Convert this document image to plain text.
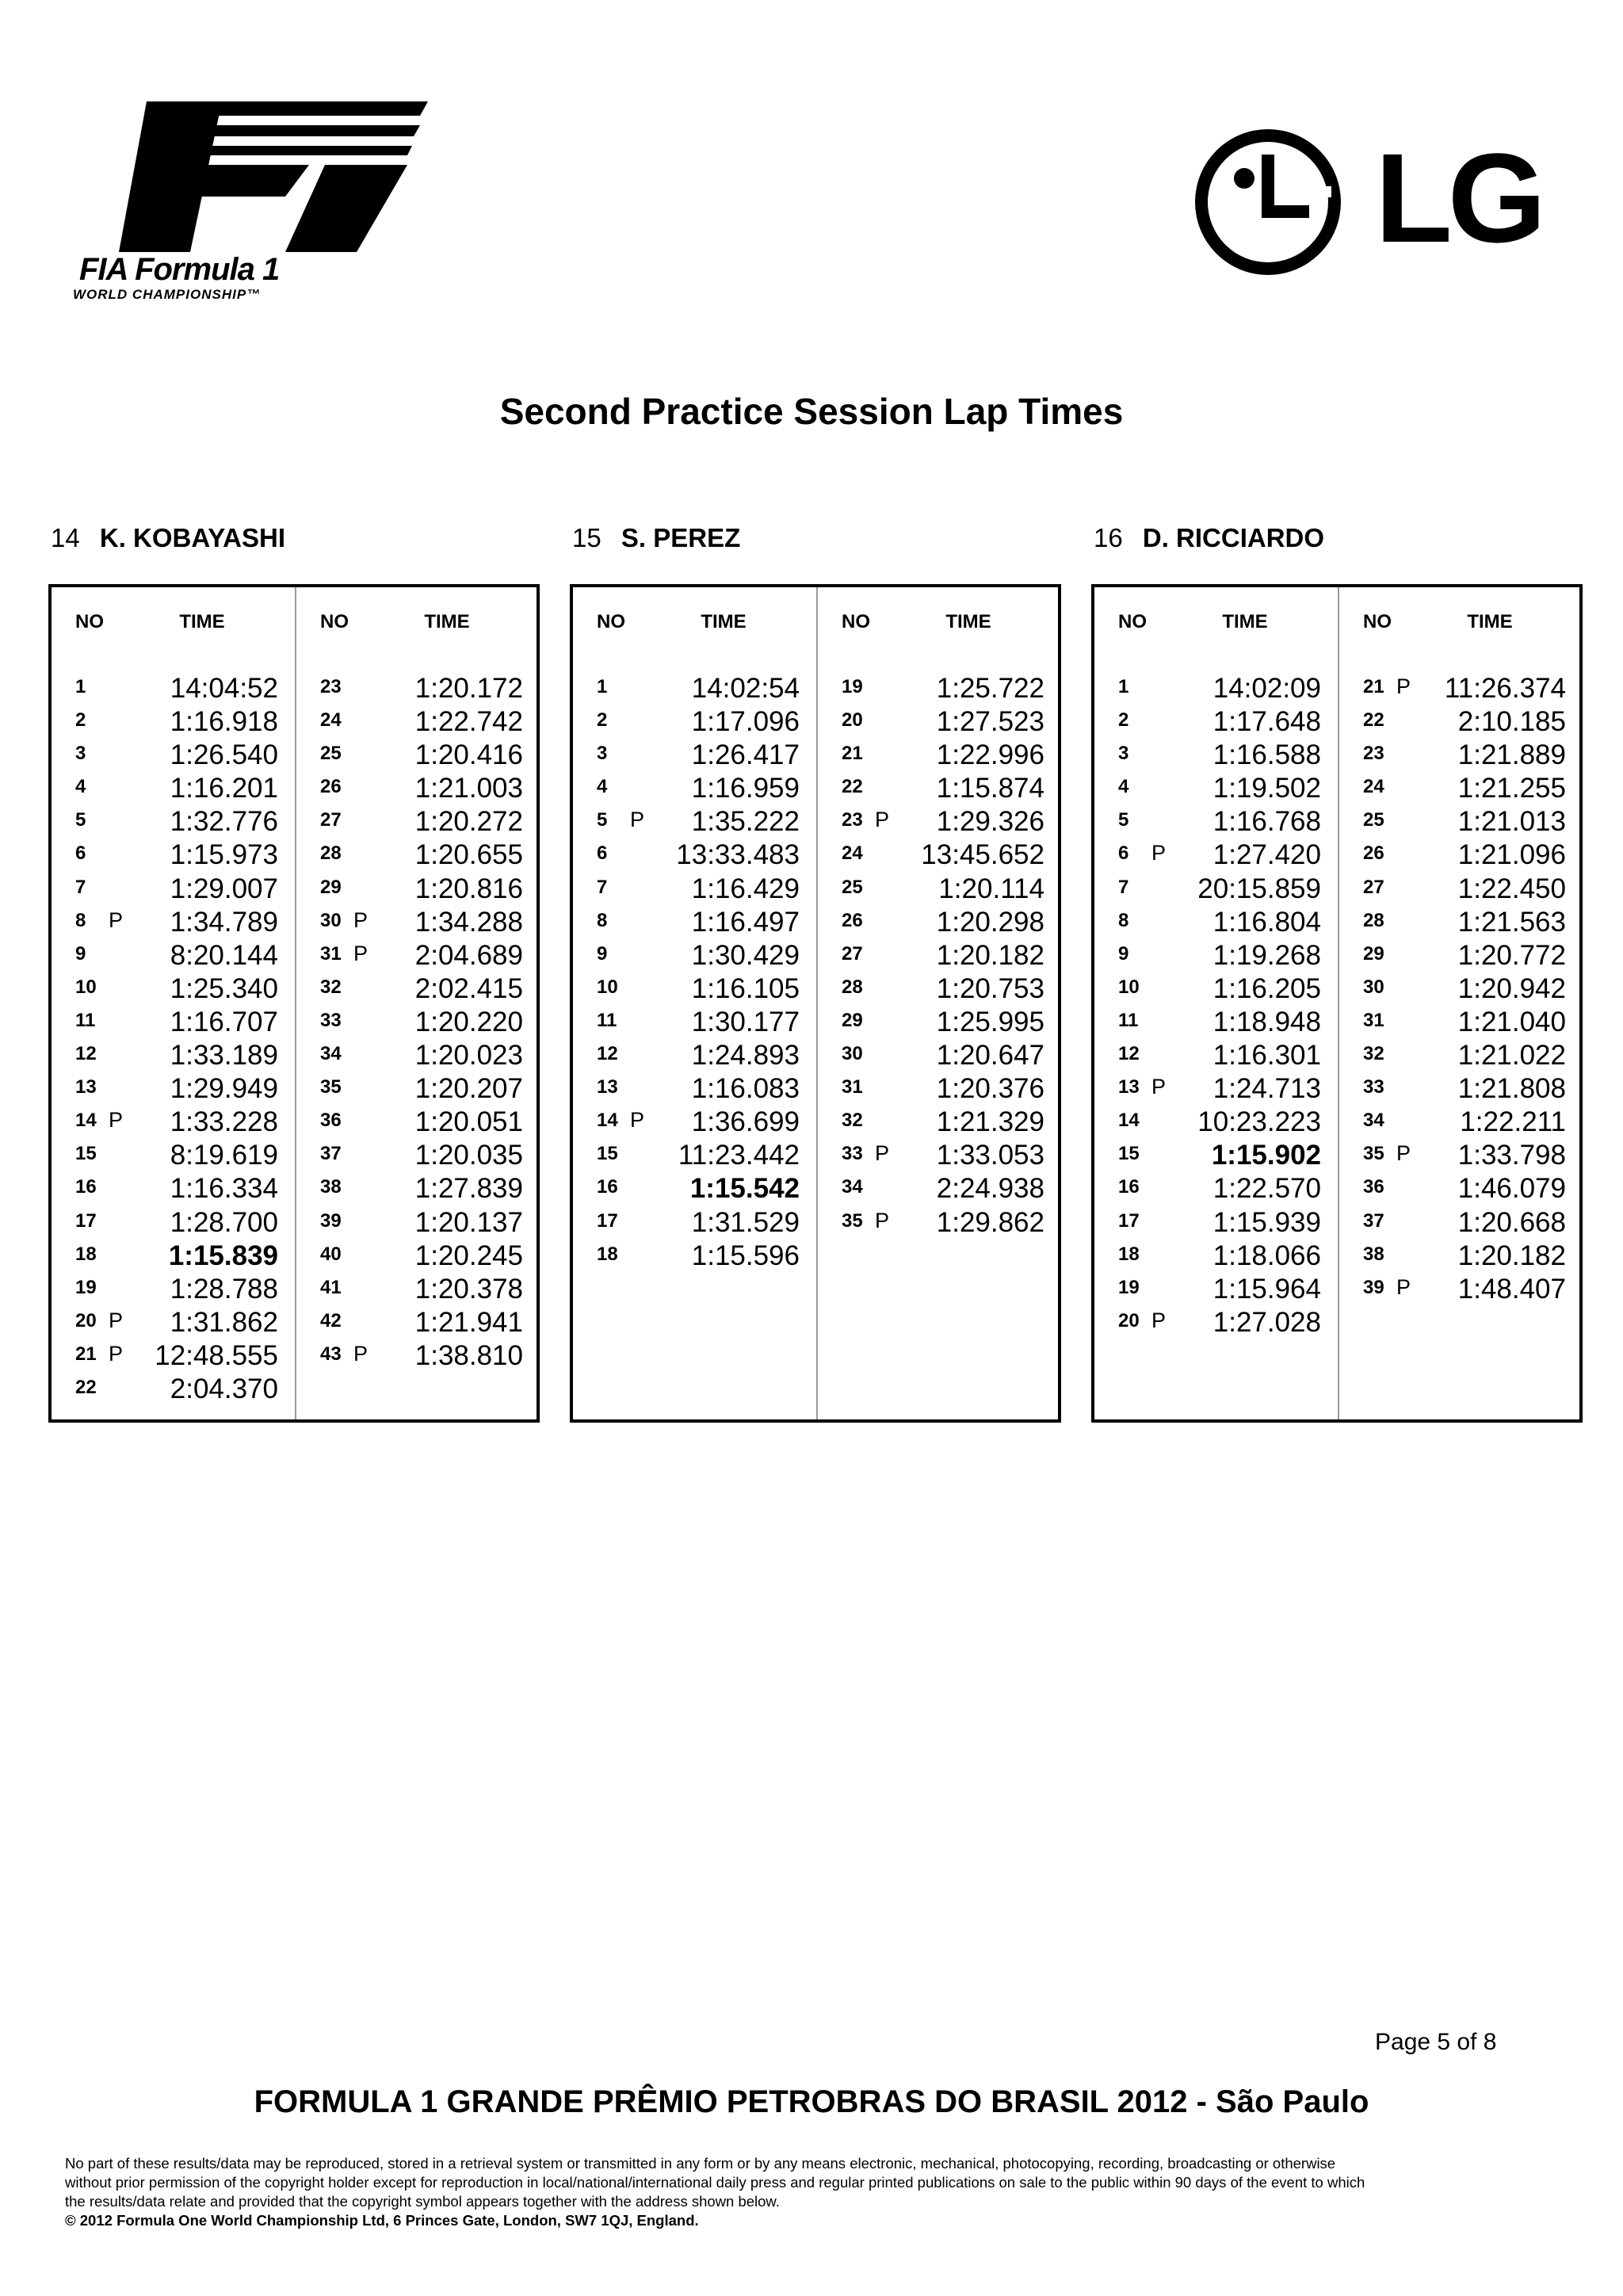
FIA Formula 1
WORLD CHAMPIONSHIP™
LG
Second Practice Session Lap Times
14 K. KOBAYASHI	15 S. PEREZ	16 D. RICCIARDO
NO	TIME
1	14:04:52
2	1:16.918
3	1:26.540
4	1:16.201
5	1:32.776
6	1:15.973
7	1:29.007
8 P 1:34.789
9	8:20.144
10	1:25.340
11	1:16.707
12	1:33.189
13	1:29.949
14 P 1:33.228
15	8:19.619
16	1:16.334
17	1:28.700
18	1:15.839
19	1:28.788
20 P 1:31.862
21 P 12:48.555
22	2:04.370
NO	TIME
23	1:20.172
24	1:22.742
25	1:20.416
26	1:21.003
27	1:20.272
28	1:20.655
29	1:20.816
30 P 1:34.288
31 P 2:04.689
32	2:02.415
33	1:20.220
34	1:20.023
35	1:20.207
36	1:20.051
37	1:20.035
38	1:27.839
39	1:20.137
40	1:20.245
41	1:20.378
42	1:21.941
43 P 1:38.810
NO	TIME
1	14:02:54
2	1:17.096
3	1:26.417
4	1:16.959
5 P 1:35.222
6 13:33.483
7	1:16.429
8	1:16.497
9	1:30.429
10	1:16.105
11	1:30.177
12	1:24.893
13	1:16.083
14 P 1:36.699
15 11:23.442
16	1:15.542
17	1:31.529
18	1:15.596
NO	TIME
19	1:25.722
20	1:27.523
21	1:22.996
22	1:15.874
23 P 1:29.326
24 13:45.652
25	1:20.114
26	1:20.298
27	1:20.182
28	1:20.753
29	1:25.995
30	1:20.647
31	1:20.376
32	1:21.329
33 P 1:33.053
34	2:24.938
35 P 1:29.862
NO	TIME
1	14:02:09
2	1:17.648
3	1:16.588
4	1:19.502
5	1:16.768
6 P 1:27.420
7 20:15.859
8	1:16.804
9	1:19.268
10	1:16.205
11	1:18.948
12	1:16.301
13 P 1:24.713
14 10:23.223
15	1:15.902
16	1:22.570
17	1:15.939
18	1:18.066
19	1:15.964
20 P 1:27.028
NO	TIME
21 P 11:26.374
22	2:10.185
23	1:21.889
24	1:21.255
25	1:21.013
26	1:21.096
27	1:22.450
28	1:21.563
29	1:20.772
30	1:20.942
31	1:21.040
32	1:21.022
33	1:21.808
34	1:22.211
35 P 1:33.798
36	1:46.079
37	1:20.668
38	1:20.182
39 P 1:48.407
Page 5 of 8
FORMULA 1 GRANDE PRÊMIO PETROBRAS DO BRASIL 2012 - São Paulo
No part of these results/data may be reproduced, stored in a retrieval system or transmitted in any form or by any means electronic, mechanical, photocopying, recording, broadcasting or otherwise
without prior permission of the copyright holder except for reproduction in local/national/international daily press and regular printed publications on sale to the public within 90 days of the event to which
the results/data relate and provided that the copyright symbol appears together with the address shown below.
© 2012 Formula One World Championship Ltd, 6 Princes Gate, London, SW7 1QJ, England.
